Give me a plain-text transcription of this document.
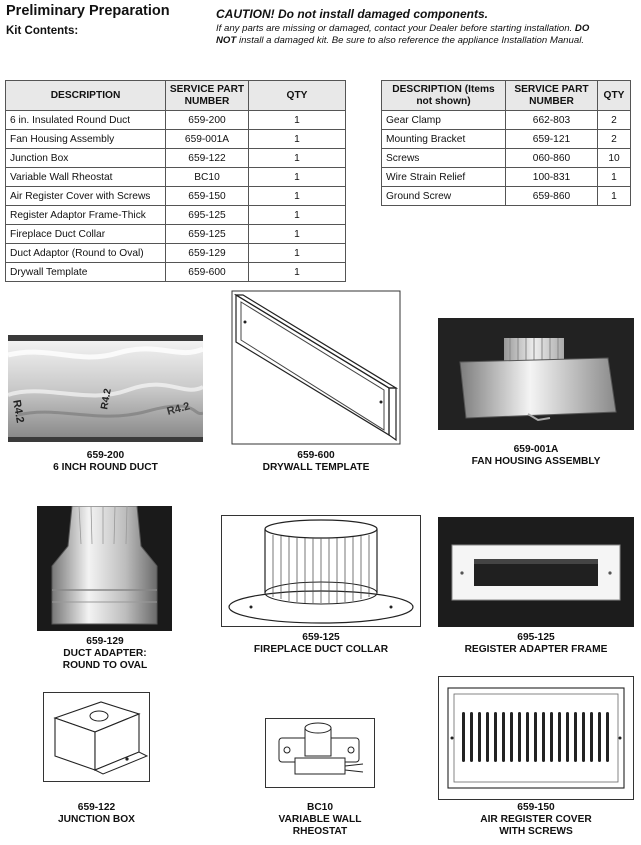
Preliminary Preparation
Kit Contents:
CAUTION! Do not install damaged components.
If any parts are missing or damaged, contact your Dealer before starting installation. DO
NOT install a damaged kit. Be sure to also reference the appliance Installation Manual.
DESCRIPTION	SERVICE PART NUMBER	QTY
6 in. Insulated Round Duct	659-200	1
Fan Housing Assembly	659-001A	1
Junction Box	659-122	1
Variable Wall Rheostat	BC10	1
Air Register Cover with Screws	659-150	1
Register Adaptor Frame-Thick	695-125	1
Fireplace Duct Collar	659-125	1
Duct Adaptor (Round to Oval)	659-129	1
Drywall Template	659-600	1
DESCRIPTION (Items not shown)	SERVICE PART NUMBER	QTY
Gear Clamp	662-803	2
Mounting Bracket	659-121	2
Screws	060-860	10
Wire Strain Relief	100-831	1
Ground Screw	659-860	1
R4.2	R4.2	R4.2
659-200
6 INCH ROUND DUCT
659-600
DRYWALL TEMPLATE
659-001A
FAN HOUSING ASSEMBLY
659-129
DUCT ADAPTER:
ROUND TO OVAL
659-125
FIREPLACE DUCT COLLAR
695-125
REGISTER ADAPTER FRAME
659-122
JUNCTION BOX
BC10
VARIABLE WALL
RHEOSTAT
659-150
AIR REGISTER COVER
WITH SCREWS
